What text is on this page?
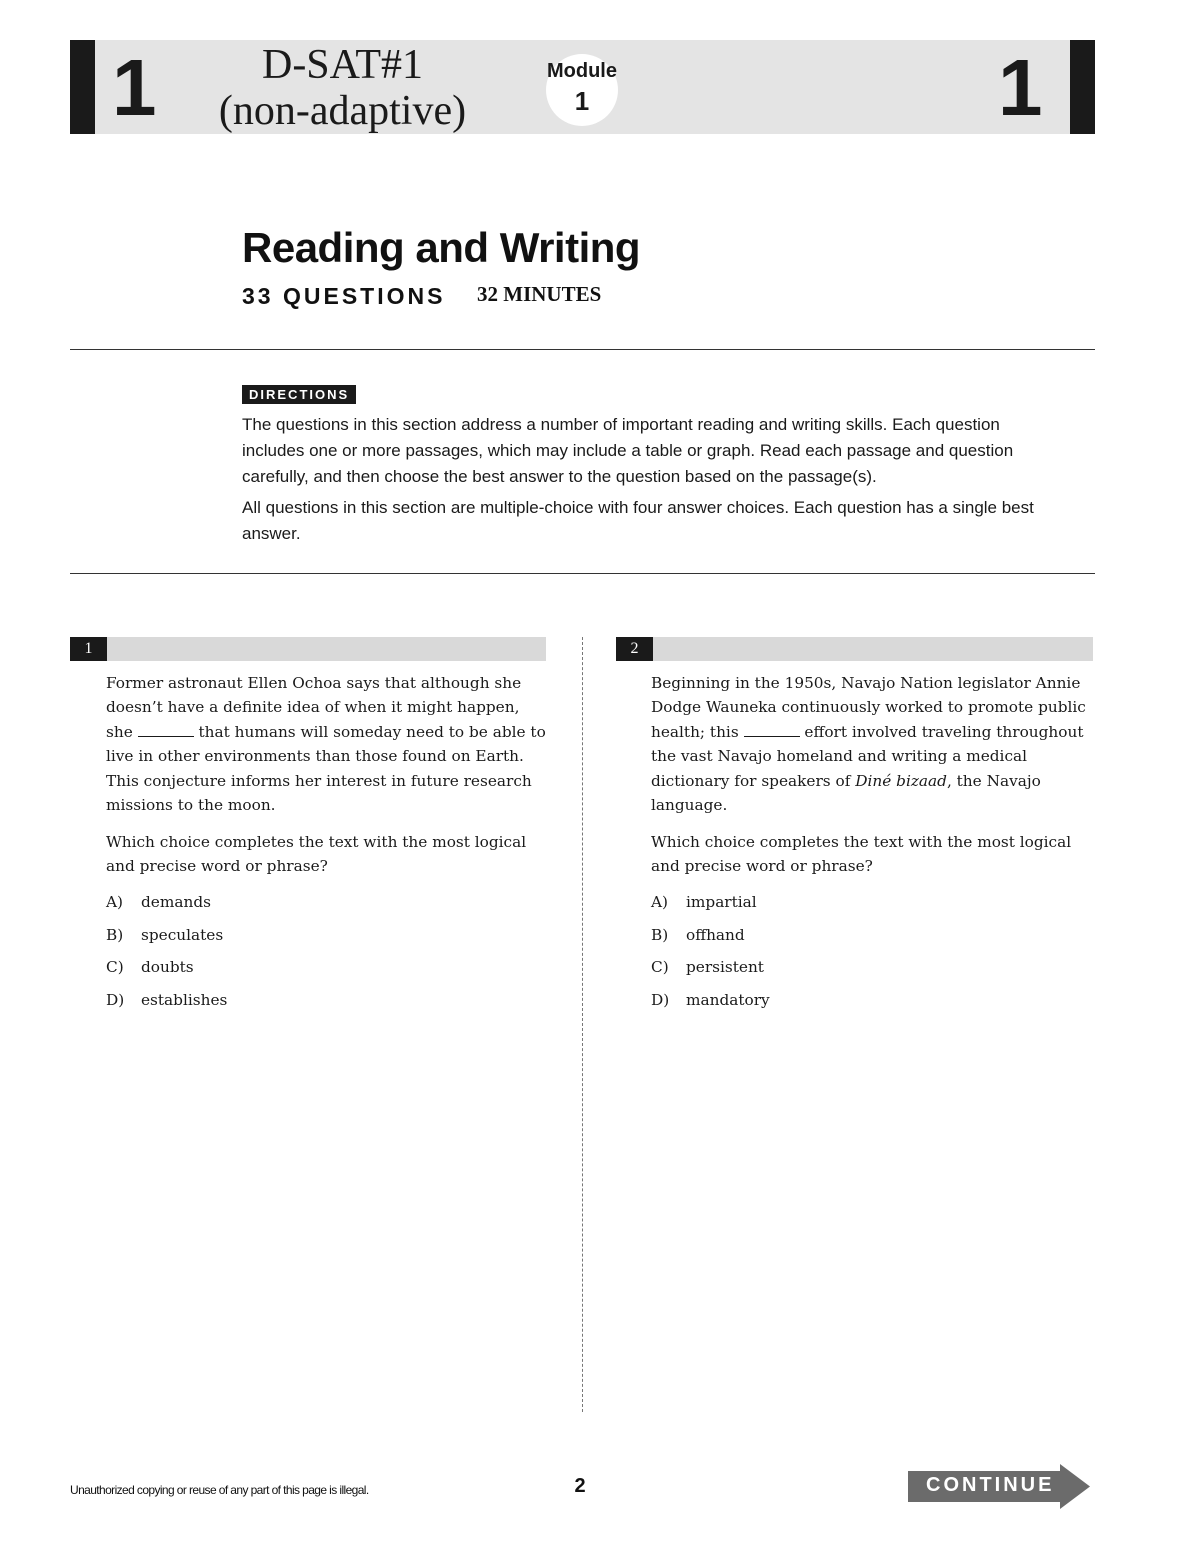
1	D-SAT#1
(non-adaptive)
Module
1	1
Reading and Writing
33 QUESTIONS 32 MINUTES
DIRECTIONS

The questions in this section address a number of important reading and writing skills. Each question includes one or more passages, which may include a table or graph. Read each passage and question carefully, and then choose the best answer to the question based on the passage(s).

All questions in this section are multiple-choice with four answer choices. Each question has a single best answer.

1

Former astronaut Ellen Ochoa says that although she doesn’t have a definite idea of when it might happen, she	that humans will someday need to be able to live in other environments than those found on Earth. This conjecture informs her interest in future research missions to the moon.

Which choice completes the text with the most logical and precise word or phrase?

A)	demands
B)	speculates
C)	doubts
D)	establishes
2

Beginning in the 1950s, Navajo Nation legislator Annie Dodge Wauneka continuously worked to promote public health; this	effort involved traveling throughout the vast Navajo homeland and writing a medical dictionary for speakers of Diné bizaad, the Navajo language.

Which choice completes the text with the most logical and precise word or phrase?

A)	impartial
B)	offhand
C)	persistent
D)	mandatory
Unauthorized copying or reuse of any part of this page is illegal.	2	CONTINUE
